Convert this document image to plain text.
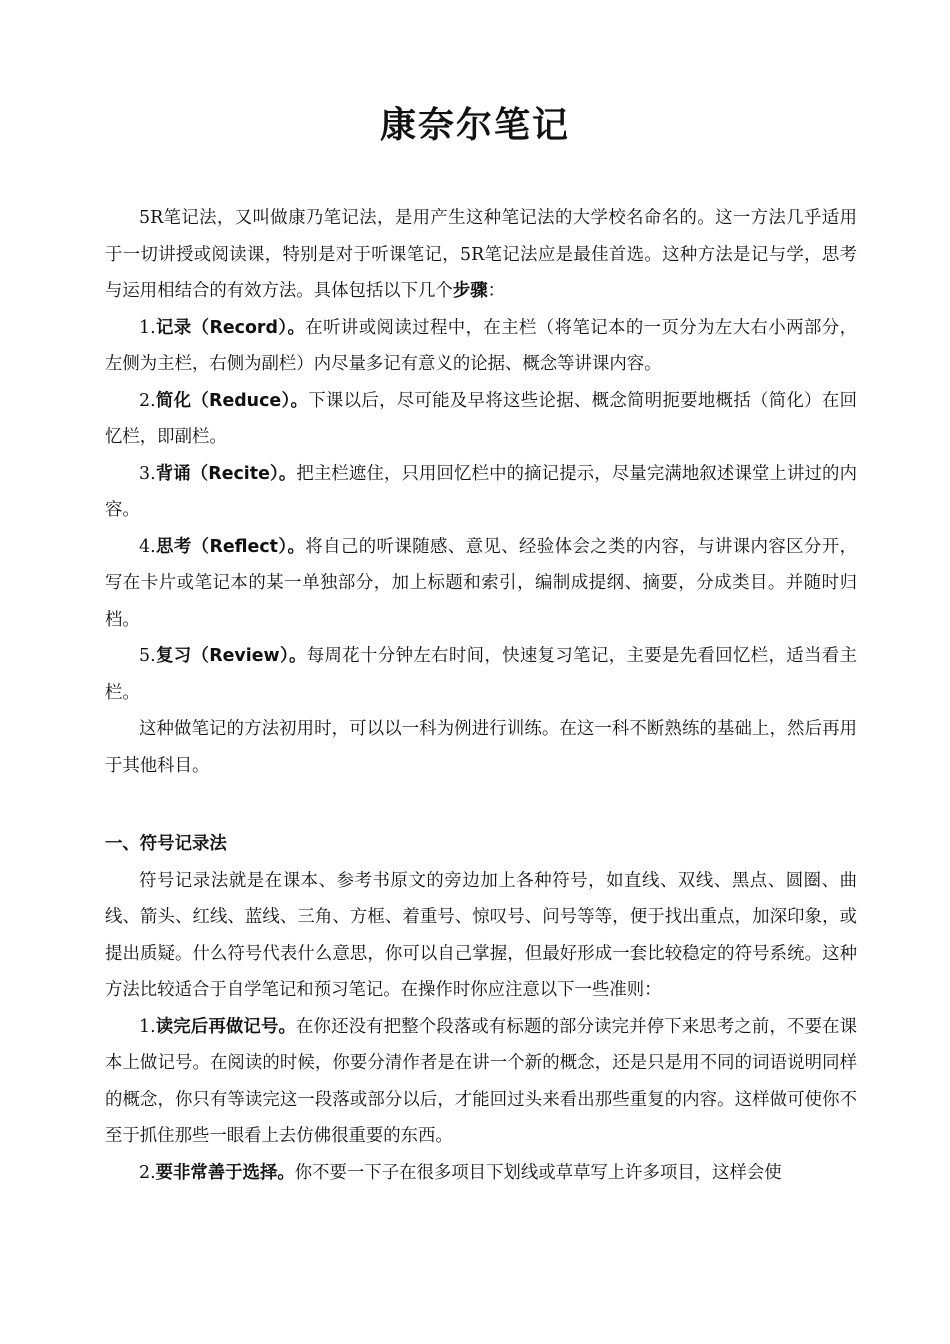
康奈尔笔记

5R笔记法，又叫做康乃笔记法，是用产生这种笔记法的大学校名命名的。这一方法几乎适用于一切讲授或阅读课，特别是对于听课笔记，5R笔记法应是最佳首选。这种方法是记与学，思考与运用相结合的有效方法。具体包括以下几个步骤：

1.记录（Record）。在听讲或阅读过程中，在主栏（将笔记本的一页分为左大右小两部分，左侧为主栏，右侧为副栏）内尽量多记有意义的论据、概念等讲课内容。

2.简化（Reduce）。下课以后，尽可能及早将这些论据、概念简明扼要地概括（简化）在回忆栏，即副栏。

3.背诵（Recite）。把主栏遮住，只用回忆栏中的摘记提示，尽量完满地叙述课堂上讲过的内容。

4.思考（Reflect）。将自己的听课随感、意见、经验体会之类的内容，与讲课内容区分开，写在卡片或笔记本的某一单独部分，加上标题和索引，编制成提纲、摘要，分成类目。并随时归档。

5.复习（Review）。每周花十分钟左右时间，快速复习笔记，主要是先看回忆栏，适当看主栏。

这种做笔记的方法初用时，可以以一科为例进行训练。在这一科不断熟练的基础上，然后再用于其他科目。

一、符号记录法

符号记录法就是在课本、参考书原文的旁边加上各种符号，如直线、双线、黑点、圆圈、曲线、箭头、红线、蓝线、三角、方框、着重号、惊叹号、问号等等，便于找出重点，加深印象，或提出质疑。什么符号代表什么意思，你可以自己掌握，但最好形成一套比较稳定的符号系统。这种方法比较适合于自学笔记和预习笔记。在操作时你应注意以下一些准则：

1.读完后再做记号。在你还没有把整个段落或有标题的部分读完并停下来思考之前，不要在课本上做记号。在阅读的时候，你要分清作者是在讲一个新的概念，还是只是用不同的词语说明同样的概念，你只有等读完这一段落或部分以后，才能回过头来看出那些重复的内容。这样做可使你不至于抓住那些一眼看上去仿佛很重要的东西。

2.要非常善于选择。你不要一下子在很多项目下划线或草草写上许多项目，这样会使
